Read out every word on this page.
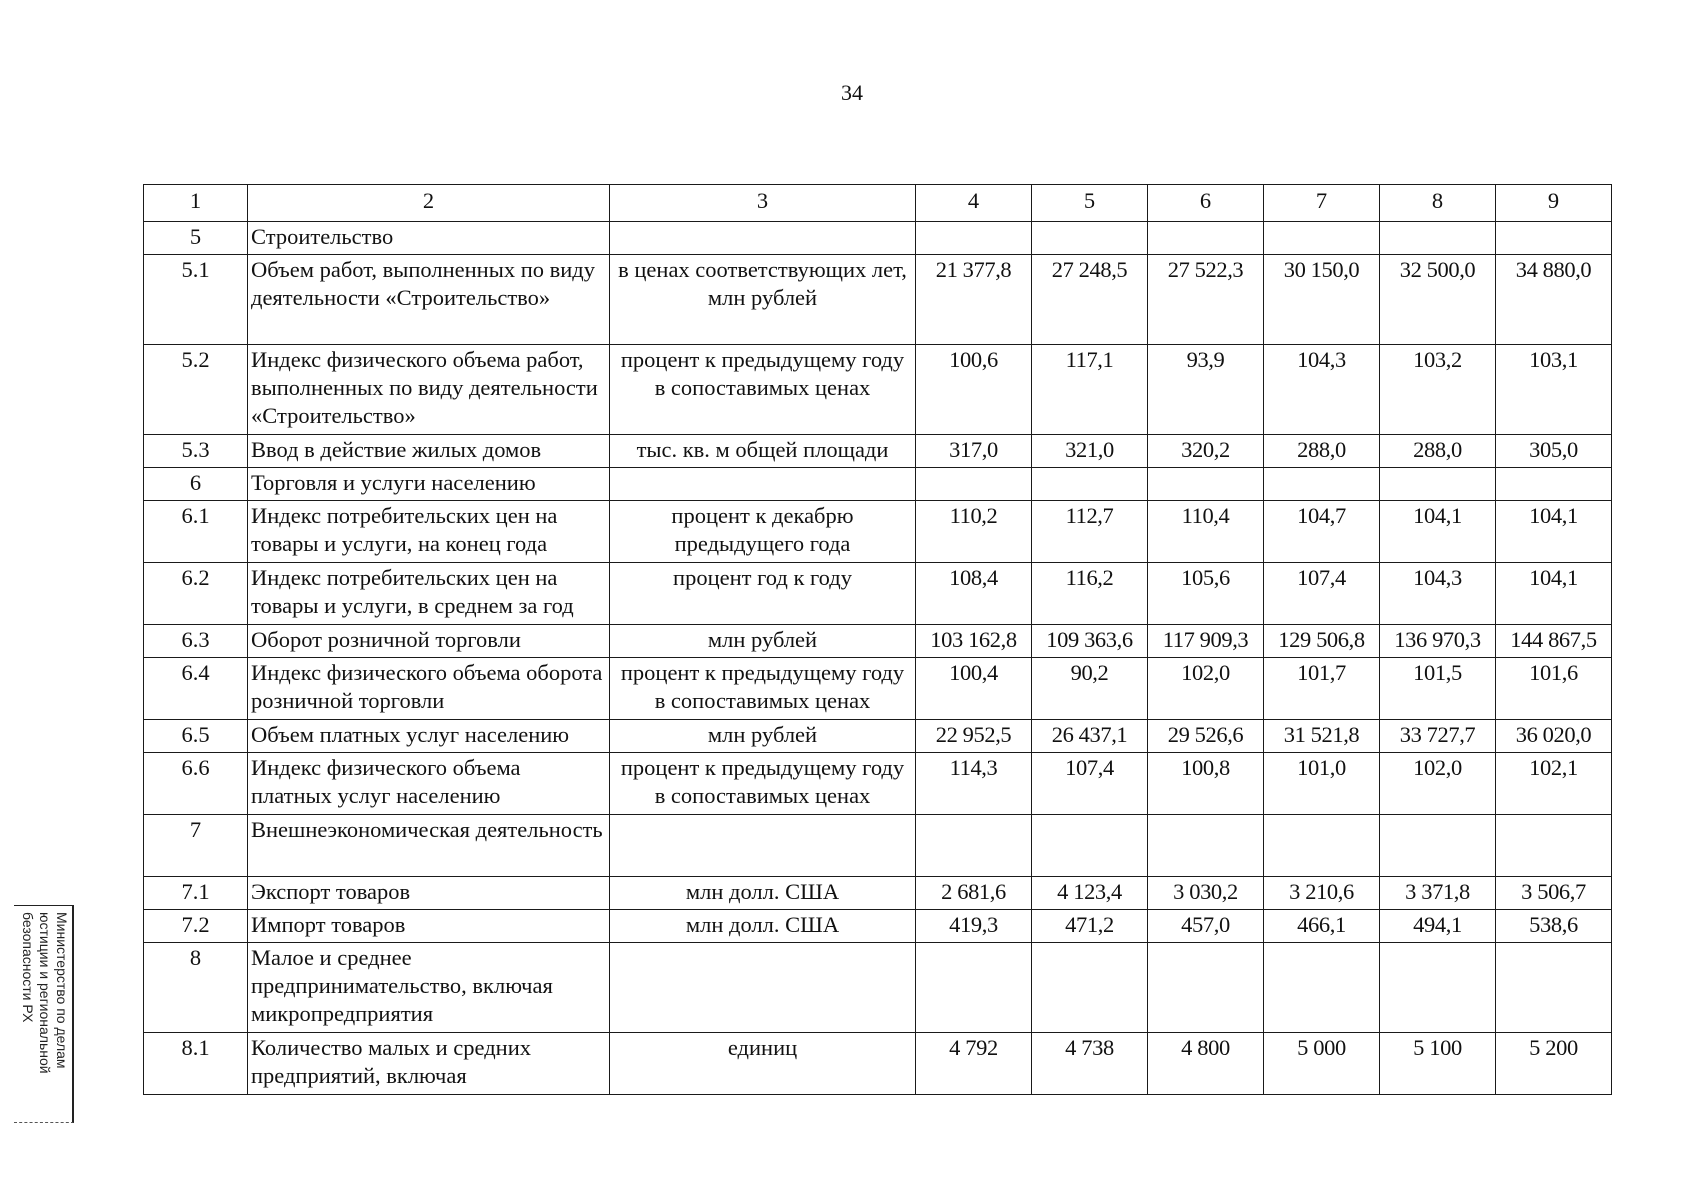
34
1	2	3	4	5	6	7	8	9
5	Строительство							
5.1	Объем работ, выполненных по виду деятельности «Строительство»	в ценах соответствующих лет, млн рублей	21 377,8	27 248,5	27 522,3	30 150,0	32 500,0	34 880,0
5.2	Индекс физического объема работ, выполненных по виду деятельности «Строительство»	процент к предыдущему году в сопоставимых ценах	100,6	117,1	93,9	104,3	103,2	103,1
5.3	Ввод в действие жилых домов	тыс. кв. м общей площади	317,0	321,0	320,2	288,0	288,0	305,0
6	Торговля и услуги населению							
6.1	Индекс потребительских цен на товары и услуги, на конец года	процент к декабрю предыдущего года	110,2	112,7	110,4	104,7	104,1	104,1
6.2	Индекс потребительских цен на товары и услуги, в среднем за год	процент год к году	108,4	116,2	105,6	107,4	104,3	104,1
6.3	Оборот розничной торговли	млн рублей	103 162,8	109 363,6	117 909,3	129 506,8	136 970,3	144 867,5
6.4	Индекс физического объема оборота розничной торговли	процент к предыдущему году в сопоставимых ценах	100,4	90,2	102,0	101,7	101,5	101,6
6.5	Объем платных услуг населению	млн рублей	22 952,5	26 437,1	29 526,6	31 521,8	33 727,7	36 020,0
6.6	Индекс физического объема платных услуг населению	процент к предыдущему году в сопоставимых ценах	114,3	107,4	100,8	101,0	102,0	102,1
7	Внешнеэкономическая деятельность							
7.1	Экспорт товаров	млн долл. США	2 681,6	4 123,4	3 030,2	3 210,6	3 371,8	3 506,7
7.2	Импорт товаров	млн долл. США	419,3	471,2	457,0	466,1	494,1	538,6
8	Малое и среднее предпринимательство, включая микропредприятия							
8.1	Количество малых и средних предприятий, включая	единиц	4 792	4 738	4 800	5 000	5 100	5 200
Министерство по делам
юстиции и региональной
безопасности РХ
